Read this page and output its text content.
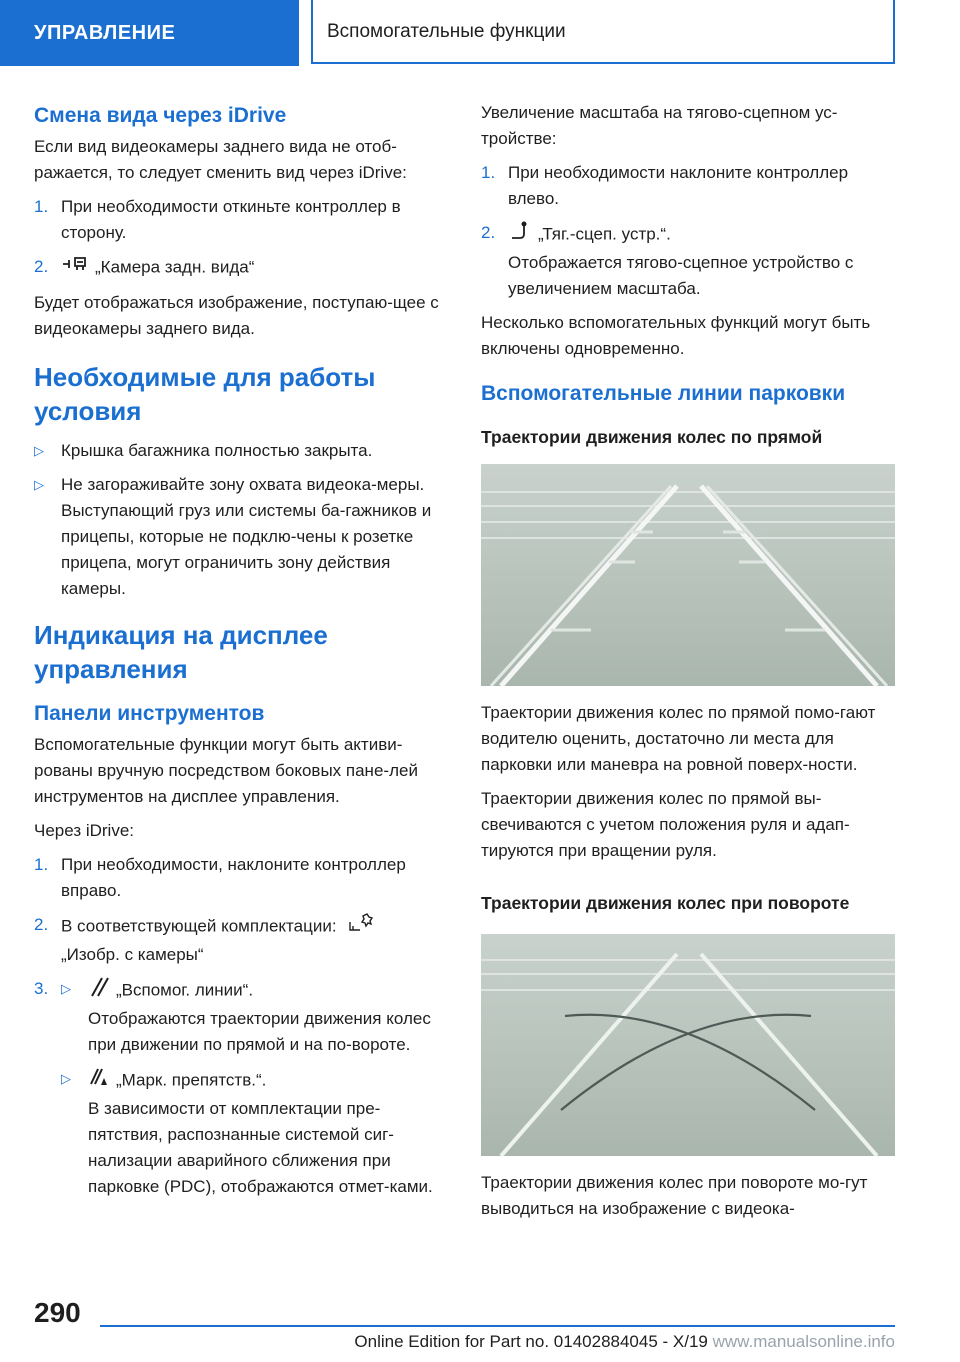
УПРАВЛЕНИЕ	Вспомогательные функции
Смена вида через iDrive

Если вид видеокамеры заднего вида не отоб-ражается, то следует сменить вид через iDrive:

1. При необходимости откиньте контроллер в сторону.
2.	„Камера задн. вида“

Будет отображаться изображение, поступаю-щее с видеокамеры заднего вида.

Необходимые для работы условия
▷ Крышка багажника полностью закрыта.
▷ Не загораживайте зону охвата видеока-меры. Выступающий груз или системы ба-гажников и прицепы, которые не подклю-чены к розетке прицепа, могут ограничить зону действия камеры.
Индикация на дисплее управления
Панели инструментов

Вспомогательные функции могут быть активи-рованы вручную посредством боковых пане-лей инструментов на дисплее управления.

Через iDrive:

1. При необходимости, наклоните контроллер вправо.
2. В соответствующей комплектации:
„Изобр. с камеры“
3. ▷	„Вспомог. линии“.
Отображаются траектории движения колес при движении по прямой и на по-вороте.
▷	„Марк. препятств.“.
В зависимости от комплектации пре-пятствия, распознанные системой сиг-нализации аварийного сближения при парковке (PDC), отображаются отмет-ками.

Увеличение масштаба на тягово-сцепном ус-тройстве:

1. При необходимости наклоните контроллер влево.
2.	„Тяг.-сцеп. устр.“.
Отображается тягово-сцепное устройство с увеличением масштаба.

Несколько вспомогательных функций могут быть включены одновременно.

Вспомогательные линии парковки
Траектории движения колес по прямой

Траектории движения колес по прямой помо-гают водителю оценить, достаточно ли места для парковки или маневра на ровной поверх-ности.

Траектории движения колес по прямой вы-свечиваются с учетом положения руля и адап-тируются при вращении руля.

Траектории движения колес при повороте

Траектории движения колес при повороте мо-гут выводиться на изображение с видеока-

290
Online Edition for Part no. 01402884045 - X/19 www.manualsonline.info
